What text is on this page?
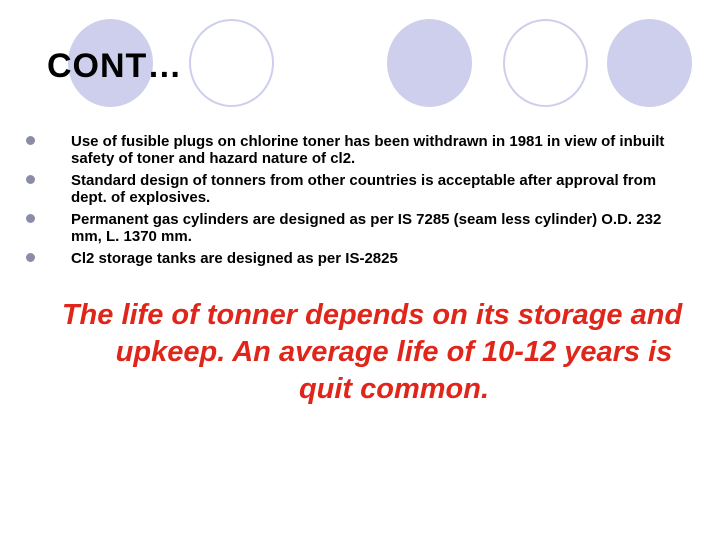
CONT…
Use of fusible plugs on chlorine toner has been withdrawn in 1981 in view of inbuilt safety of toner and hazard nature of cl2.
Standard design of tonners from other countries is acceptable after approval from dept. of explosives.
Permanent gas cylinders are designed as per IS 7285 (seam less cylinder) O.D. 232 mm, L. 1370 mm.
Cl2 storage tanks are designed as per IS-2825

The life of tonner depends on its storage and upkeep. An average life of 10-12 years is quit common.
